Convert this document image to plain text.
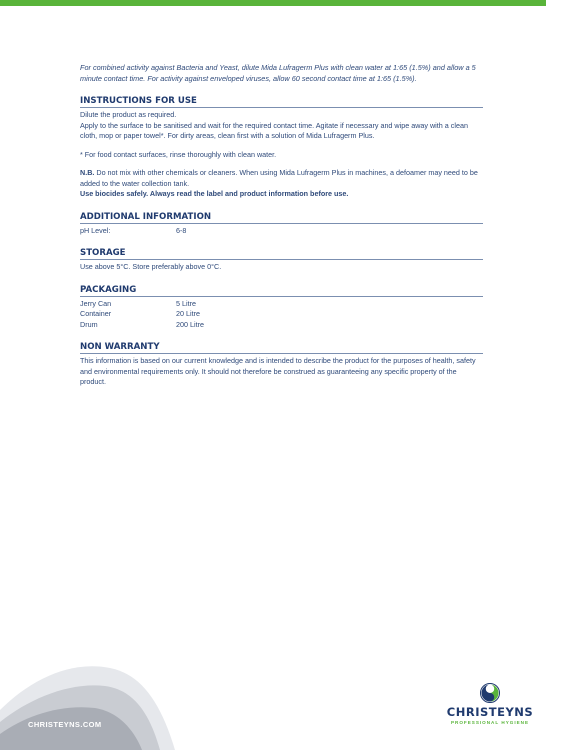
For combined activity against Bacteria and Yeast, dilute Mida Lufragerm Plus with clean water at 1:65 (1.5%) and allow a 5 minute contact time. For activity against enveloped viruses, allow 60 second contact time at 1:65 (1.5%).

INSTRUCTIONS FOR USE

Dilute the product as required.

Apply to the surface to be sanitised and wait for the required contact time. Agitate if necessary and wipe away with a clean cloth, mop or paper towel*. For dirty areas, clean first with a solution of Mida Lufragerm Plus.

* For food contact surfaces, rinse thoroughly with clean water.

N.B. Do not mix with other chemicals or cleaners. When using Mida Lufragerm Plus in machines, a defoamer may need to be added to the water collection tank.

Use biocides safely. Always read the label and product information before use.

ADDITIONAL INFORMATION
pH Level:	6-8
STORAGE

Use above 5°C. Store preferably above 0°C.

PACKAGING
Jerry Can	5 Litre
Container	20 Litre
Drum	200 Litre
NON WARRANTY

This information is based on our current knowledge and is intended to describe the product for the purposes of health, safety and environmental requirements only. It should not therefore be construed as guaranteeing any specific property of the product.

CHRISTEYNS.COM
CHRISTEYNS
PROFESSIONAL HYGIENE
